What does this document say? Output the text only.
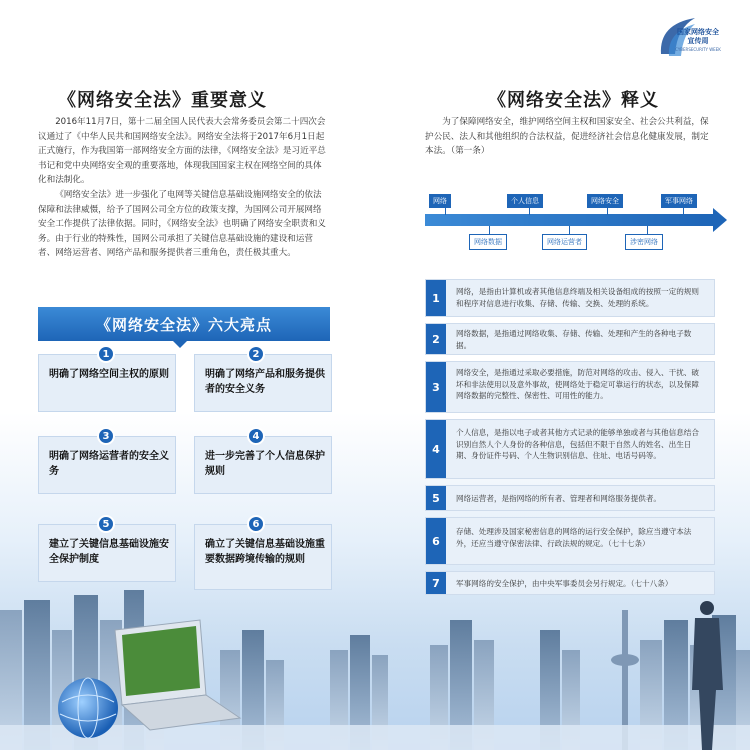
国家网络安全
宣传周
CYBERSECURITY WEEK
《网络安全法》重要意义

2016年11月7日，第十二届全国人民代表大会常务委员会第二十四次会议通过了《中华人民共和国网络安全法》。网络安全法将于2017年6月1日起正式施行，作为我国第一部网络安全方面的法律，《网络安全法》是习近平总书记和党中央网络安全观的重要落地，体现我国国家主权在网络空间的具体化和法制化。

《网络安全法》进一步强化了电网等关键信息基础设施网络安全的依法保障和法律威慑，给予了国网公司全方位的政策支撑，为国网公司开展网络安全工作提供了法律依据。同时，《网络安全法》也明确了网络安全职责和义务。由于行业的特殊性，国网公司承担了关键信息基础设施的建设和运营者、网络运营者、网络产品和服务提供者三重角色，责任极其重大。

《网络安全法》六大亮点
明确了网络空间主权的原则
1
明确了网络产品和服务提供者的安全义务
2
明确了网络运营者的安全义务
3
进一步完善了个人信息保护规则
4
建立了关键信息基础设施安全保护制度
5
确立了关键信息基础设施重要数据跨境传输的规则
6
《网络安全法》释义

为了保障网络安全，维护网络空间主权和国家安全、社会公共利益，保护公民、法人和其他组织的合法权益，促进经济社会信息化健康发展，制定本法。（第一条）

网络	个人信息	网络安全	军事网络
网络数据	网络运营者	涉密网络
1	网络，是指由计算机或者其他信息终端及相关设备组成的按照一定的规则和程序对信息进行收集、存储、传输、交换、处理的系统。
2	网络数据，是指通过网络收集、存储、传输、处理和产生的各种电子数据。
3
网络安全，是指通过采取必要措施，防范对网络的攻击、侵入、干扰、破坏和非法使用以及意外事故，使网络处于稳定可靠运行的状态，以及保障网络数据的完整性、保密性、可用性的能力。
4
个人信息，是指以电子或者其他方式记录的能够单独或者与其他信息结合识别自然人个人身份的各种信息，包括但不限于自然人的姓名、出生日期、身份证件号码、个人生物识别信息、住址、电话号码等。
5	网络运营者，是指网络的所有者、管理者和网络服务提供者。
6
存储、处理涉及国家秘密信息的网络的运行安全保护，除应当遵守本法外，还应当遵守保密法律、行政法规的规定。（七十七条）
7	军事网络的安全保护，由中央军事委员会另行规定。（七十八条）
